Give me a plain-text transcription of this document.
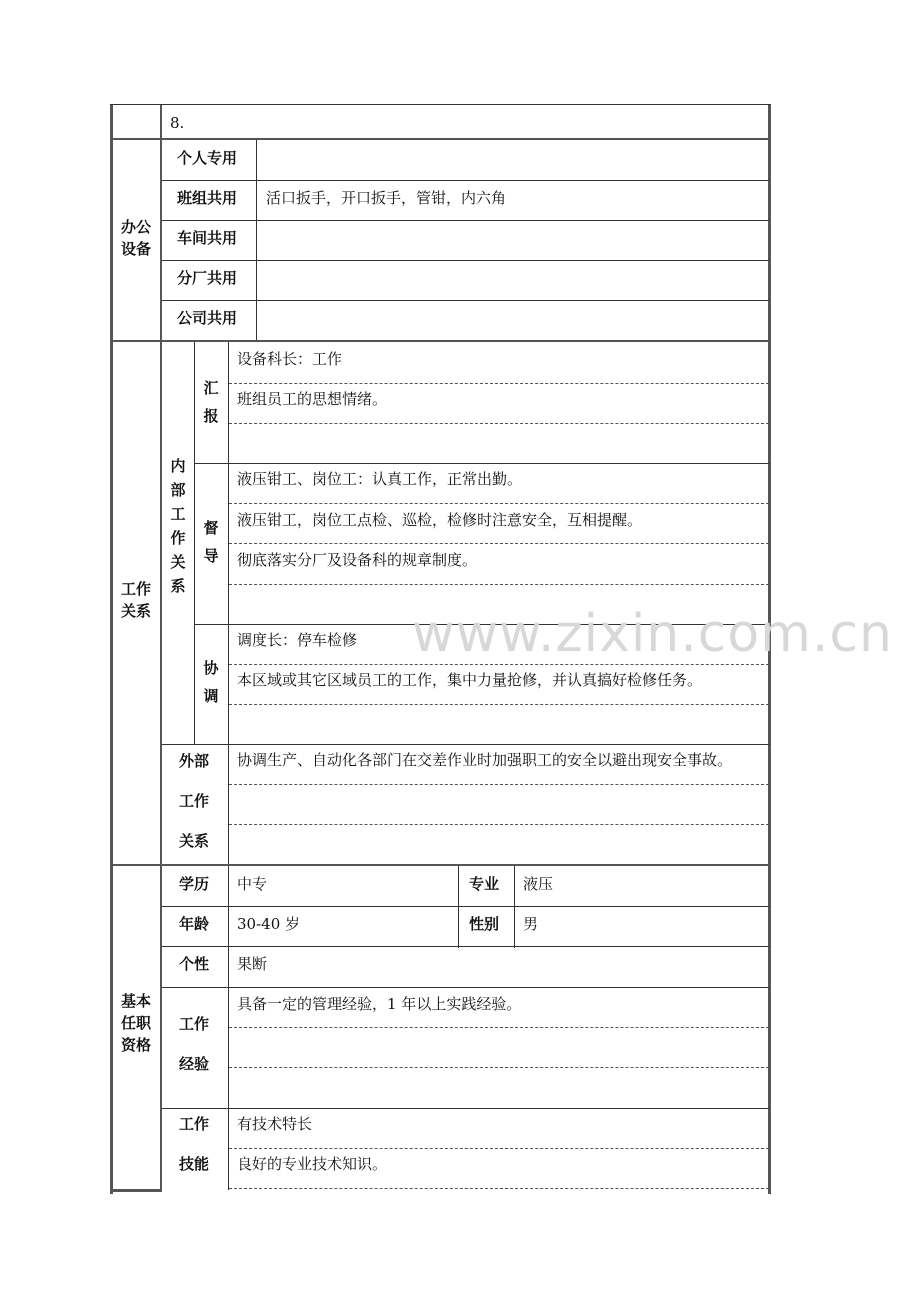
8.
办公设备
个人专用
班组共用 活口扳手，开口扳手，管钳，内六角
车间共用
分厂共用
公司共用
工作关系
内部工作关系
汇报
督导
协调
设备科长：工作
班组员工的思想情绪。
液压钳工、岗位工：认真工作，正常出勤。
液压钳工，岗位工点检、巡检，检修时注意安全，互相提醒。
彻底落实分厂及设备科的规章制度。
调度长：停车检修
本区域或其它区域员工的工作，集中力量抢修，并认真搞好检修任务。
外部
工作
关系
协调生产、自动化各部门在交差作业时加强职工的安全以避出现安全事故。
基本任职资格
学历 中专	专业 液压
年龄 30-40 岁	性别 男
个性 果断
工作
经验
具备一定的管理经验，1 年以上实践经验。
工作
技能
有技术特长
良好的专业技术知识。
www.zixin.com.cn
